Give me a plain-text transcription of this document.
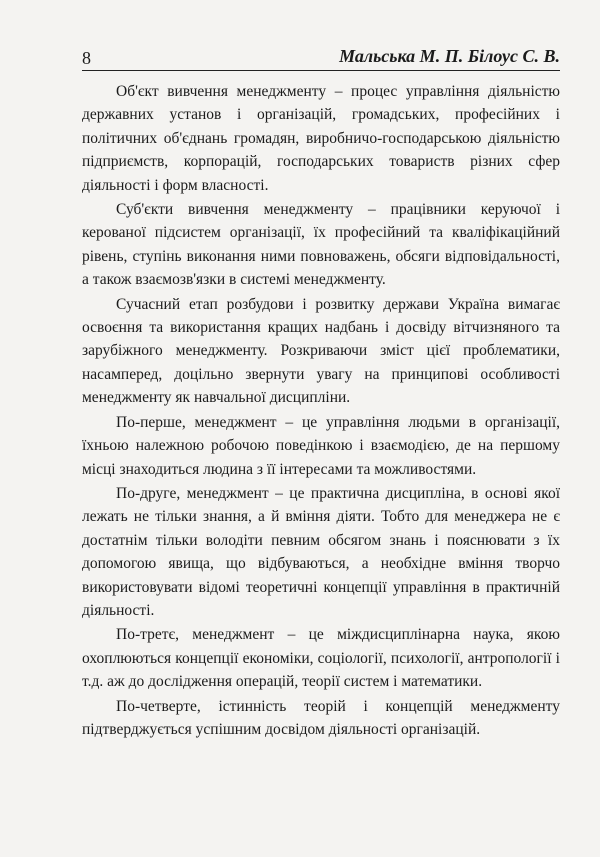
8	Мальська М. П. Білоус С. В.

Об'єкт вивчення менеджменту – процес управління діяльністю державних установ і організацій, громадських, професійних і політичних об'єднань громадян, виробничо-господарською діяльністю підприємств, корпорацій, господарських товариств різних сфер діяльності і форм власності.

Суб'єкти вивчення менеджменту – працівники керуючої і керованої підсистем організації, їх професійний та кваліфікаційний рівень, ступінь виконання ними повноважень, обсяги відповідальності, а також взаємозв'язки в системі менеджменту.

Сучасний етап розбудови і розвитку держави Україна вимагає освоєння та використання кращих надбань і досвіду вітчизняного та зарубіжного менеджменту. Розкриваючи зміст цієї проблематики, насамперед, доцільно звернути увагу на принципові особливості менеджменту як навчальної дисципліни.

По-перше, менеджмент – це управління людьми в організації, їхньою належною робочою поведінкою і взаємодією, де на першому місці знаходиться людина з її інтересами та можливостями.

По-друге, менеджмент – це практична дисципліна, в основі якої лежать не тільки знання, а й вміння діяти. Тобто для менеджера не є достатнім тільки володіти певним обсягом знань і пояснювати з їх допомогою явища, що відбуваються, а необхідне вміння творчо використовувати відомі теоретичні концепції управління в практичній діяльності.

По-третє, менеджмент – це міждисциплінарна наука, якою охоплюються концепції економіки, соціології, психології, антропології і т.д. аж до дослідження операцій, теорії систем і математики.

По-четверте, істинність теорій і концепцій менеджменту підтверджується успішним досвідом діяльності організацій.
